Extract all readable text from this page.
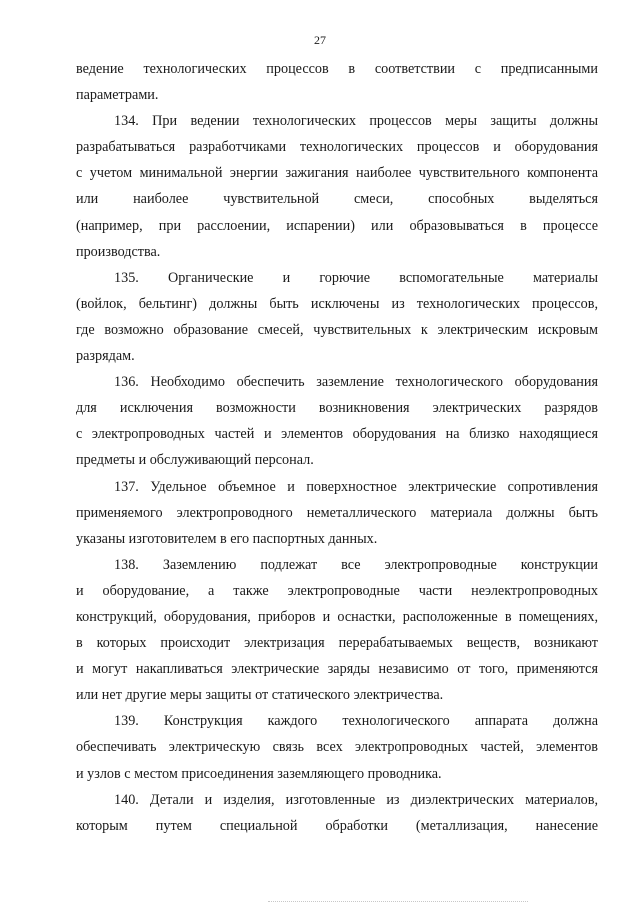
27
ведение технологических процессов в соответствии с предписанными
параметрами.
134. При ведении технологических процессов меры защиты должны
разрабатываться разработчиками технологических процессов и оборудования
с учетом минимальной энергии зажигания наиболее чувствительного компонента
или наиболее чувствительной смеси, способных выделяться
(например, при расслоении, испарении) или образовываться в процессе
производства.
135. Органические и горючие вспомогательные материалы
(войлок, бельтинг) должны быть исключены из технологических процессов,
где возможно образование смесей, чувствительных к электрическим искровым
разрядам.
136. Необходимо обеспечить заземление технологического оборудования
для исключения возможности возникновения электрических разрядов
с электропроводных частей и элементов оборудования на близко находящиеся
предметы и обслуживающий персонал.
137. Удельное объемное и поверхностное электрические сопротивления
применяемого электропроводного неметаллического материала должны быть
указаны изготовителем в его паспортных данных.
138. Заземлению подлежат все электропроводные конструкции
и оборудование, а также электропроводные части неэлектропроводных
конструкций, оборудования, приборов и оснастки, расположенные в помещениях,
в которых происходит электризация перерабатываемых веществ, возникают
и могут накапливаться электрические заряды независимо от того, применяются
или нет другие меры защиты от статического электричества.
139. Конструкция каждого технологического аппарата должна
обеспечивать электрическую связь всех электропроводных частей, элементов
и узлов с местом присоединения заземляющего проводника.
140. Детали и изделия, изготовленные из диэлектрических материалов,
которым путем специальной обработки (металлизация, нанесение
